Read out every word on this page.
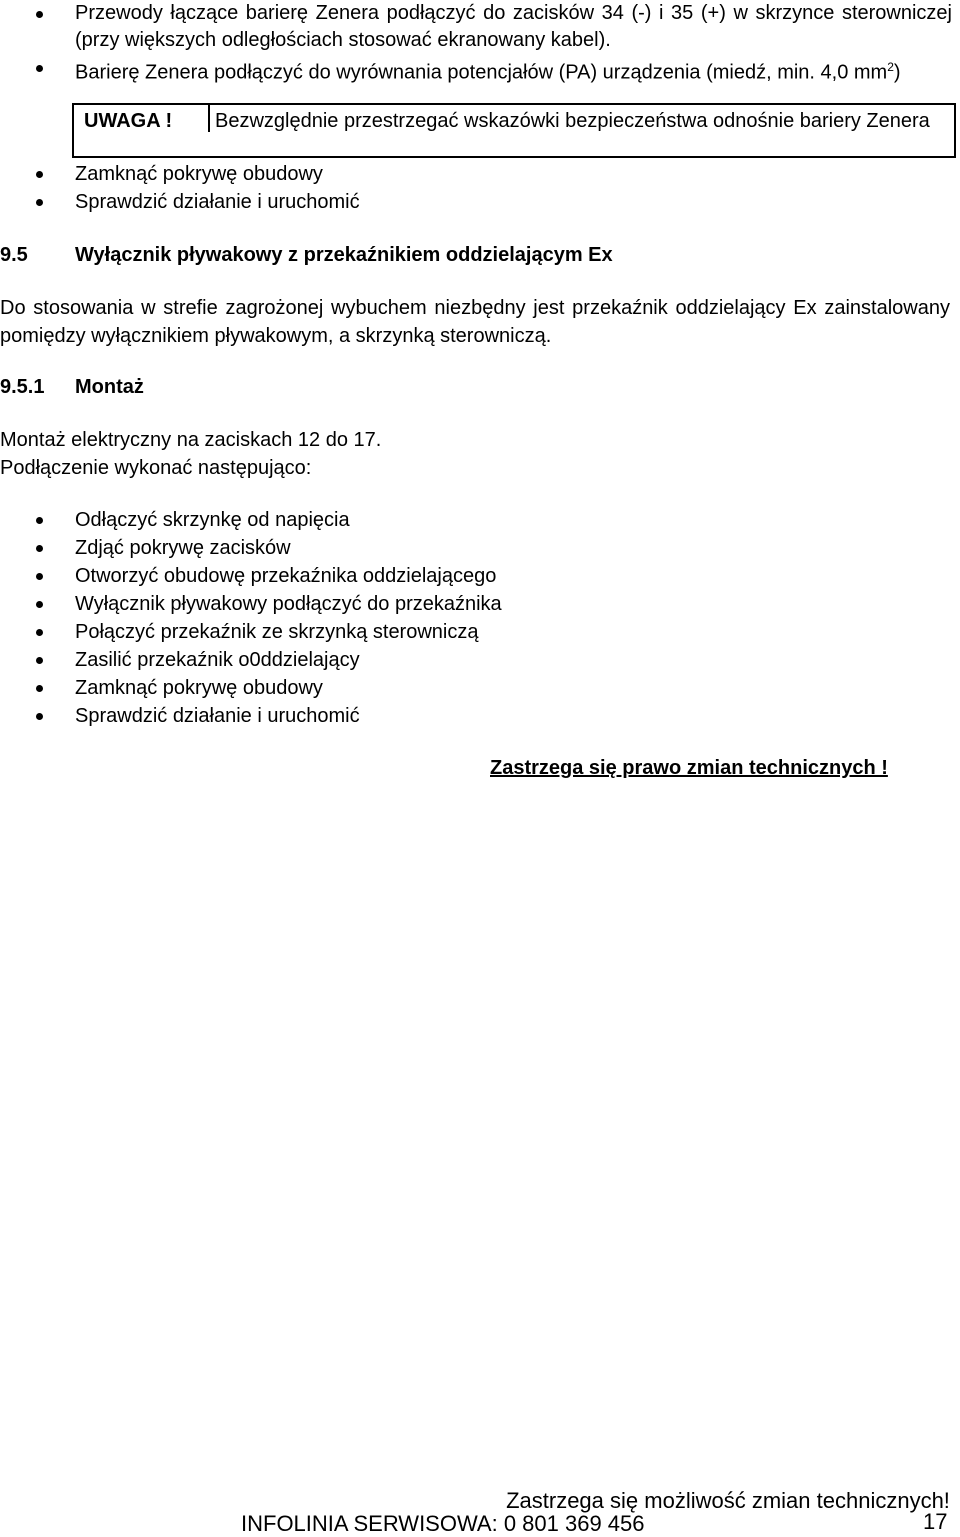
Przewody łączące barierę Zenera podłączyć do zacisków 34 (-) i 35 (+) w skrzynce sterowniczej (przy większych odległościach stosować ekranowany kabel).
Barierę Zenera podłączyć do wyrównania potencjałów (PA) urządzenia (miedź, min. 4,0 $mm^2$)
UWAGA ! Bezwzględnie przestrzegać wskazówki bezpieczeństwa odnośnie bariery Zenera
Zamknąć pokrywę obudowy
Sprawdzić działanie i uruchomić
9.5 Wyłącznik pływakowy z przekaźnikiem oddzielającym Ex
Do stosowania w strefie zagrożonej wybuchem niezbędny jest przekaźnik oddzielający Ex zainstalowany pomiędzy wyłącznikiem pływakowym, a skrzynką sterowniczą.
9.5.1 Montaż
Montaż elektryczny na zaciskach 12 do 17.
Podłączenie wykonać następująco:
Odłączyć skrzynkę od napięcia
Zdjąć pokrywę zacisków
Otworzyć obudowę przekaźnika oddzielającego
Wyłącznik pływakowy podłączyć do przekaźnika
Połączyć przekaźnik ze skrzynką sterowniczą
Zasilić przekaźnik o0ddzielający
Zamknąć pokrywę obudowy
Sprawdzić działanie i uruchomić
Zastrzega się prawo zmian technicznych !
Zastrzega się możliwość zmian technicznych!
INFOLINIA SERWISOWA: 0 801 369 456	17
